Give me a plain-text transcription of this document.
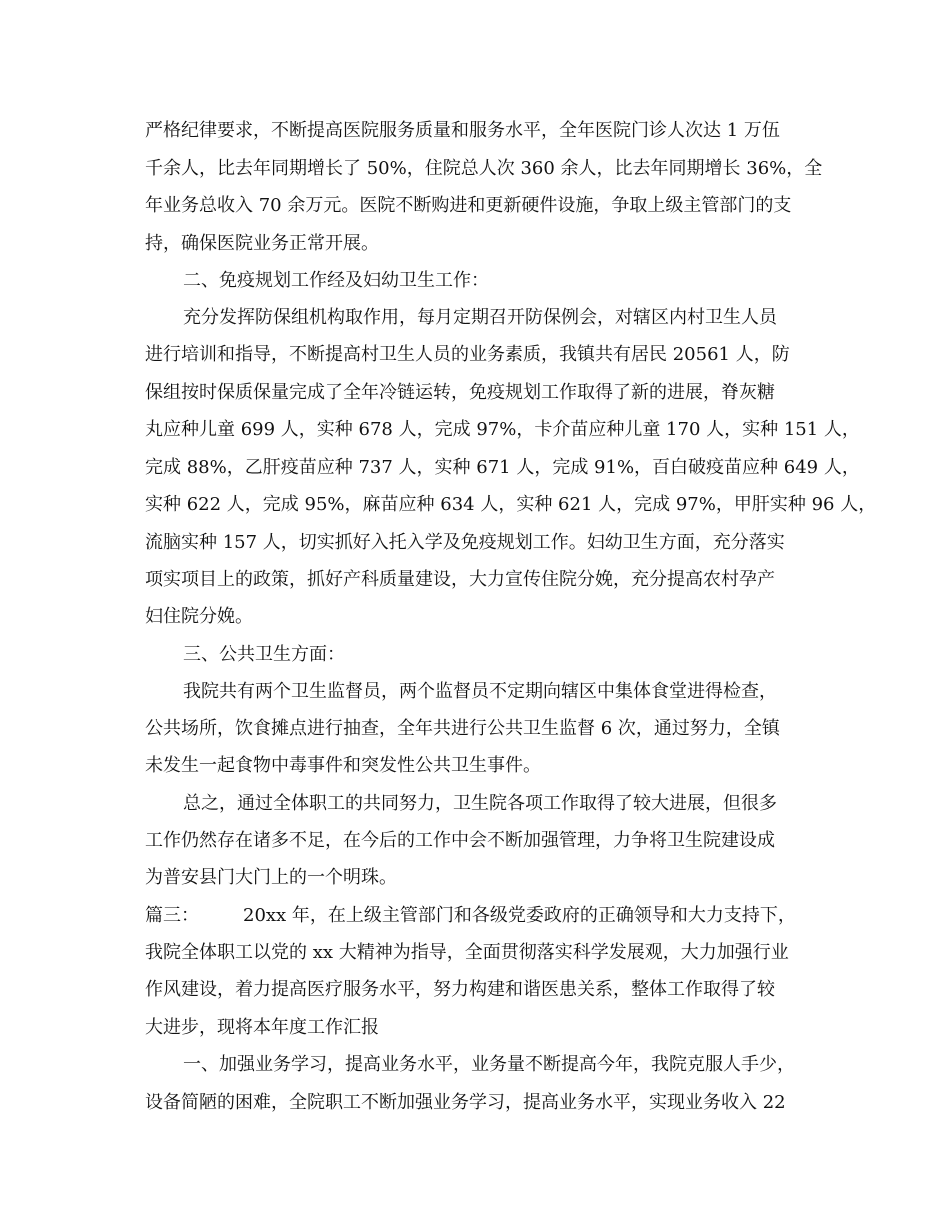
严格纪律要求，不断提高医院服务质量和服务水平，全年医院门诊人次达 1 万伍
千余人，比去年同期增长了 50%，住院总人次 360 余人，比去年同期增长 36%，全
年业务总收入 70 余万元。医院不断购进和更新硬件设施，争取上级主管部门的支
持，确保医院业务正常开展。
二、免疫规划工作经及妇幼卫生工作：
充分发挥防保组机构取作用，每月定期召开防保例会，对辖区内村卫生人员
进行培训和指导，不断提高村卫生人员的业务素质，我镇共有居民 20561 人，防
保组按时保质保量完成了全年冷链运转，免疫规划工作取得了新的进展，脊灰糖
丸应种儿童 699 人，实种 678 人，完成 97%，卡介苗应种儿童 170 人，实种 151 人，
完成 88%，乙肝疫苗应种 737 人，实种 671 人，完成 91%，百白破疫苗应种 649 人，
实种 622 人，完成 95%，麻苗应种 634 人，实种 621 人，完成 97%，甲肝实种 96 人，
流脑实种 157 人，切实抓好入托入学及免疫规划工作。妇幼卫生方面，充分落实
项实项目上的政策，抓好产科质量建设，大力宣传住院分娩，充分提高农村孕产
妇住院分娩。
三、公共卫生方面：
我院共有两个卫生监督员，两个监督员不定期向辖区中集体食堂进得检查，
公共场所，饮食摊点进行抽查，全年共进行公共卫生监督 6 次，通过努力，全镇
未发生一起食物中毒事件和突发性公共卫生事件。
总之，通过全体职工的共同努力，卫生院各项工作取得了较大进展，但很多
工作仍然存在诸多不足，在今后的工作中会不断加强管理，力争将卫生院建设成
为普安县门大门上的一个明珠。
篇三： 20xx 年，在上级主管部门和各级党委政府的正确领导和大力支持下，
我院全体职工以党的 xx 大精神为指导，全面贯彻落实科学发展观，大力加强行业
作风建设，着力提高医疗服务水平，努力构建和谐医患关系，整体工作取得了较
大进步，现将本年度工作汇报
一、加强业务学习，提高业务水平，业务量不断提高今年，我院克服人手少，
设备简陋的困难，全院职工不断加强业务学习，提高业务水平，实现业务收入 22
